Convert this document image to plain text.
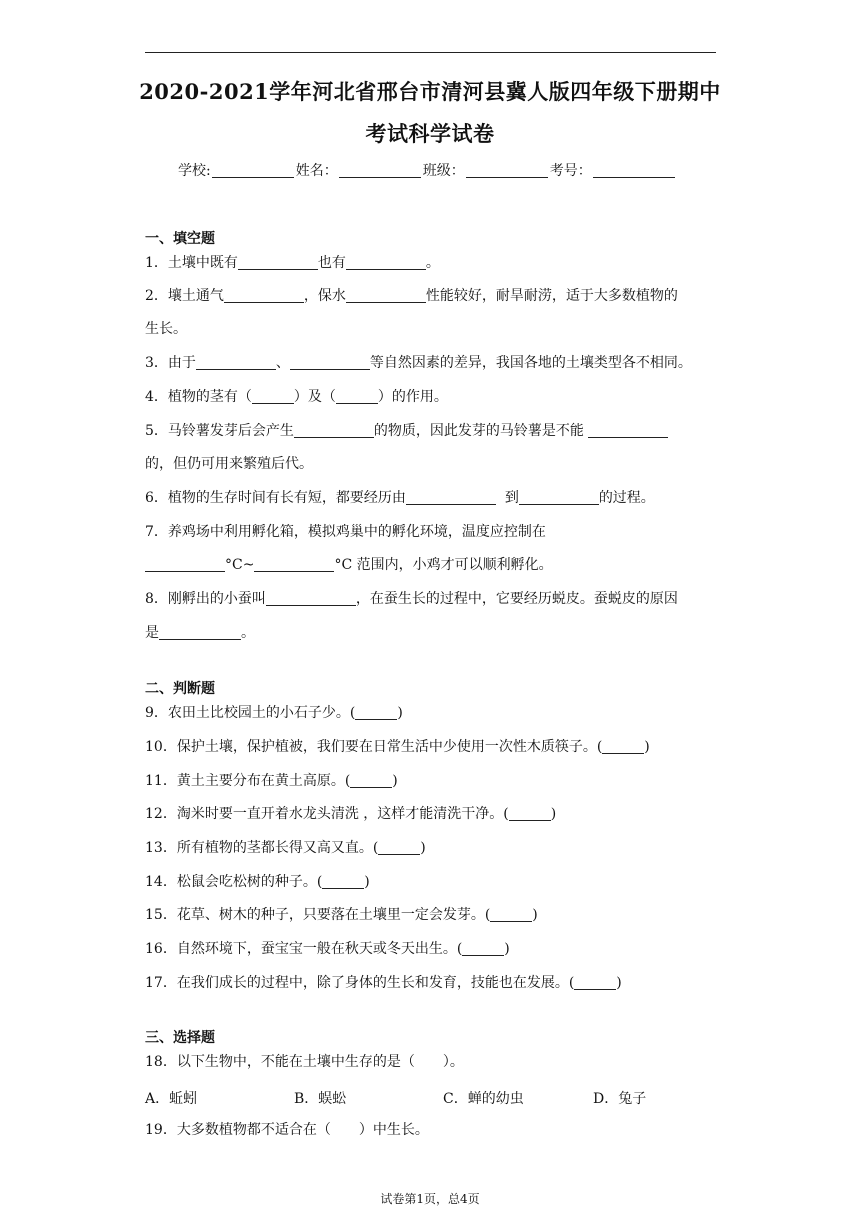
2020-2021学年河北省邢台市清河县冀人版四年级下册期中
考试科学试卷
学校:	姓名：	班级：	考号：
一、填空题
1．土壤中既有	也有	。
2．壤土通气	，保水	性能较好，耐旱耐涝，适于大多数植物的
生长。
3．由于	、	等自然因素的差异，我国各地的土壤类型各不相同。
4．植物的茎有（	）及（	）的作用。
5．马铃薯发芽后会产生	的物质，因此发芽的马铃薯是不能
的，但仍可用来繁殖后代。
6．植物的生存时间有长有短，都要经历由	到	的过程。
7．养鸡场中利用孵化箱，模拟鸡巢中的孵化环境，温度应控制在
°C~	°C 范围内，小鸡才可以顺利孵化。
8．刚孵出的小蚕叫	，在蚕生长的过程中，它要经历蜕皮。蚕蜕皮的原因
是	。
二、判断题
9．农田土比校园土的小石子少。(	)
10．保护土壤，保护植被，我们要在日常生活中少使用一次性木质筷子。(	)
11．黄土主要分布在黄土高原。(	)
12．淘米时要一直开着水龙头清洗 ，这样才能清洗干净。(	)
13．所有植物的茎都长得又高又直。(	)
14．松鼠会吃松树的种子。(	)
15．花草、树木的种子，只要落在土壤里一定会发芽。(	)
16．自然环境下，蚕宝宝一般在秋天或冬天出生。(	)
17．在我们成长的过程中，除了身体的生长和发育，技能也在发展。(	)
三、选择题
18．以下生物中，不能在土壤中生存的是（　　）。
A．蚯蚓	B．蜈蚣	C．蝉的幼虫	D．兔子
19．大多数植物都不适合在（　　）中生长。
试卷第1页，总4页
